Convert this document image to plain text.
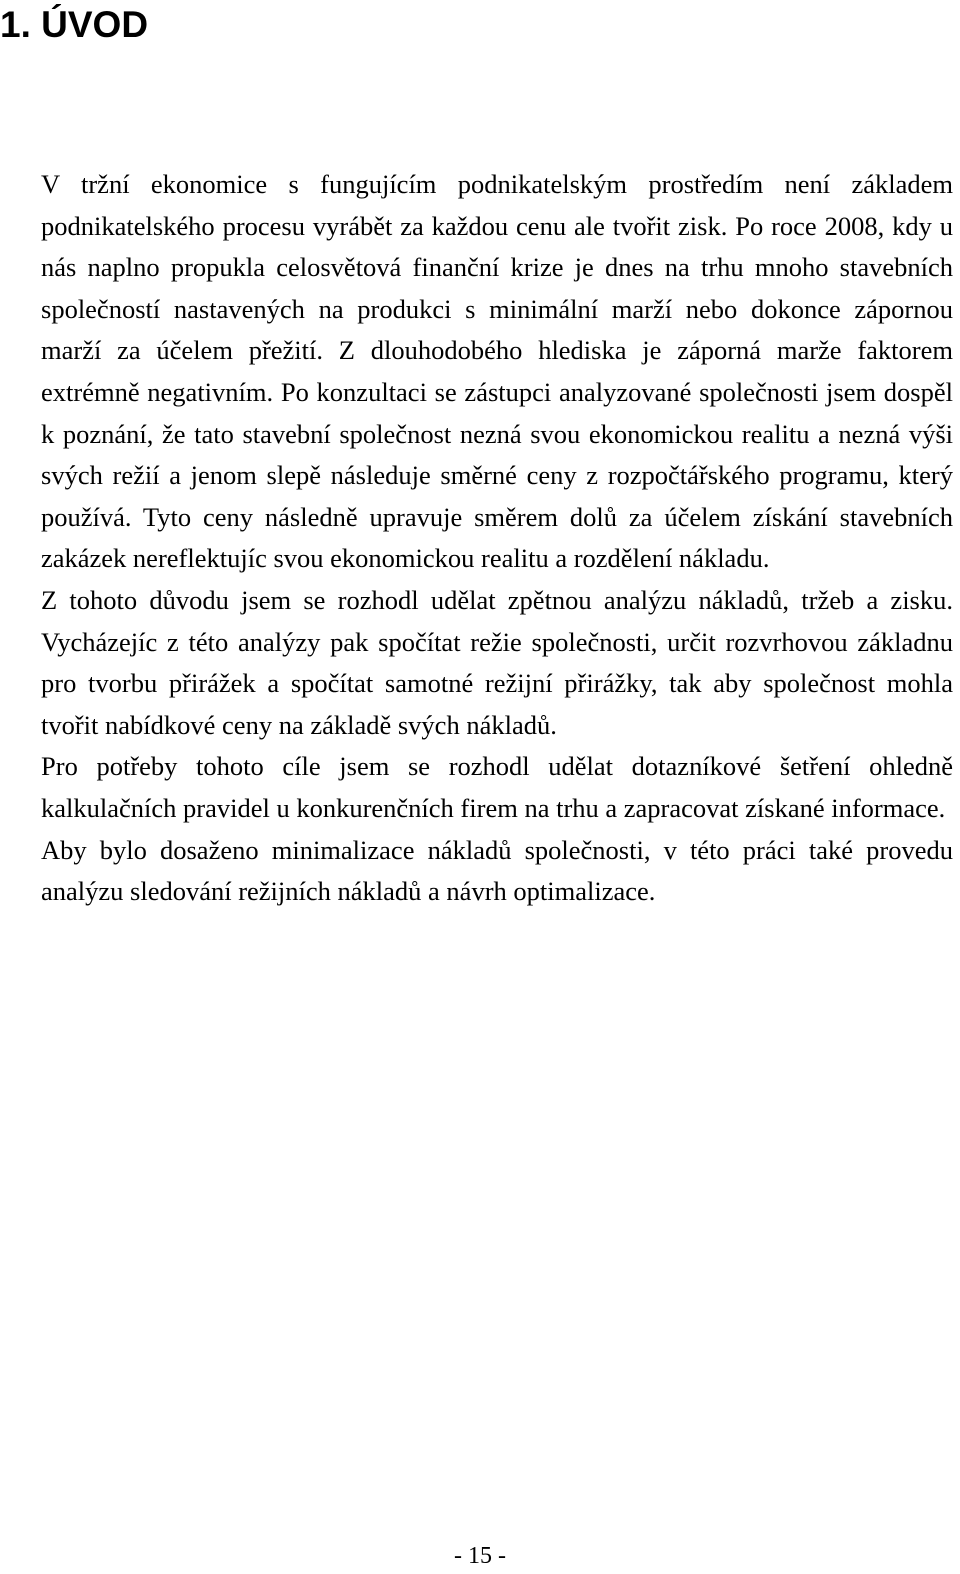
1. ÚVOD

V tržní ekonomice s fungujícím podnikatelským prostředím není základem podnikatelského procesu vyrábět za každou cenu ale tvořit zisk. Po roce 2008, kdy u nás naplno propukla celosvětová finanční krize je dnes na trhu mnoho stavebních společností nastavených na produkci s minimální marží nebo dokonce zápornou marží za účelem přežití. Z dlouhodobého hlediska je záporná marže faktorem extrémně negativním. Po konzultaci se zástupci analyzované společnosti jsem dospěl k poznání, že tato stavební společnost nezná svou ekonomickou realitu a nezná výši svých režií a jenom slepě následuje směrné ceny z rozpočtářského programu, který používá. Tyto ceny následně upravuje směrem dolů za účelem získání stavebních zakázek nereflektujíc svou ekonomickou realitu a rozdělení nákladu.

Z tohoto důvodu jsem se rozhodl udělat zpětnou analýzu nákladů, tržeb a zisku. Vycházejíc z této analýzy pak spočítat režie společnosti, určit rozvrhovou základnu pro tvorbu přirážek a spočítat samotné režijní přirážky, tak aby společnost mohla tvořit nabídkové ceny na základě svých nákladů.

Pro potřeby tohoto cíle jsem se rozhodl udělat dotazníkové šetření ohledně kalkulačních pravidel u konkurenčních firem na trhu a zapracovat získané informace.

Aby bylo dosaženo minimalizace nákladů společnosti, v této práci také provedu analýzu sledování režijních nákladů a návrh optimalizace.

- 15 -
